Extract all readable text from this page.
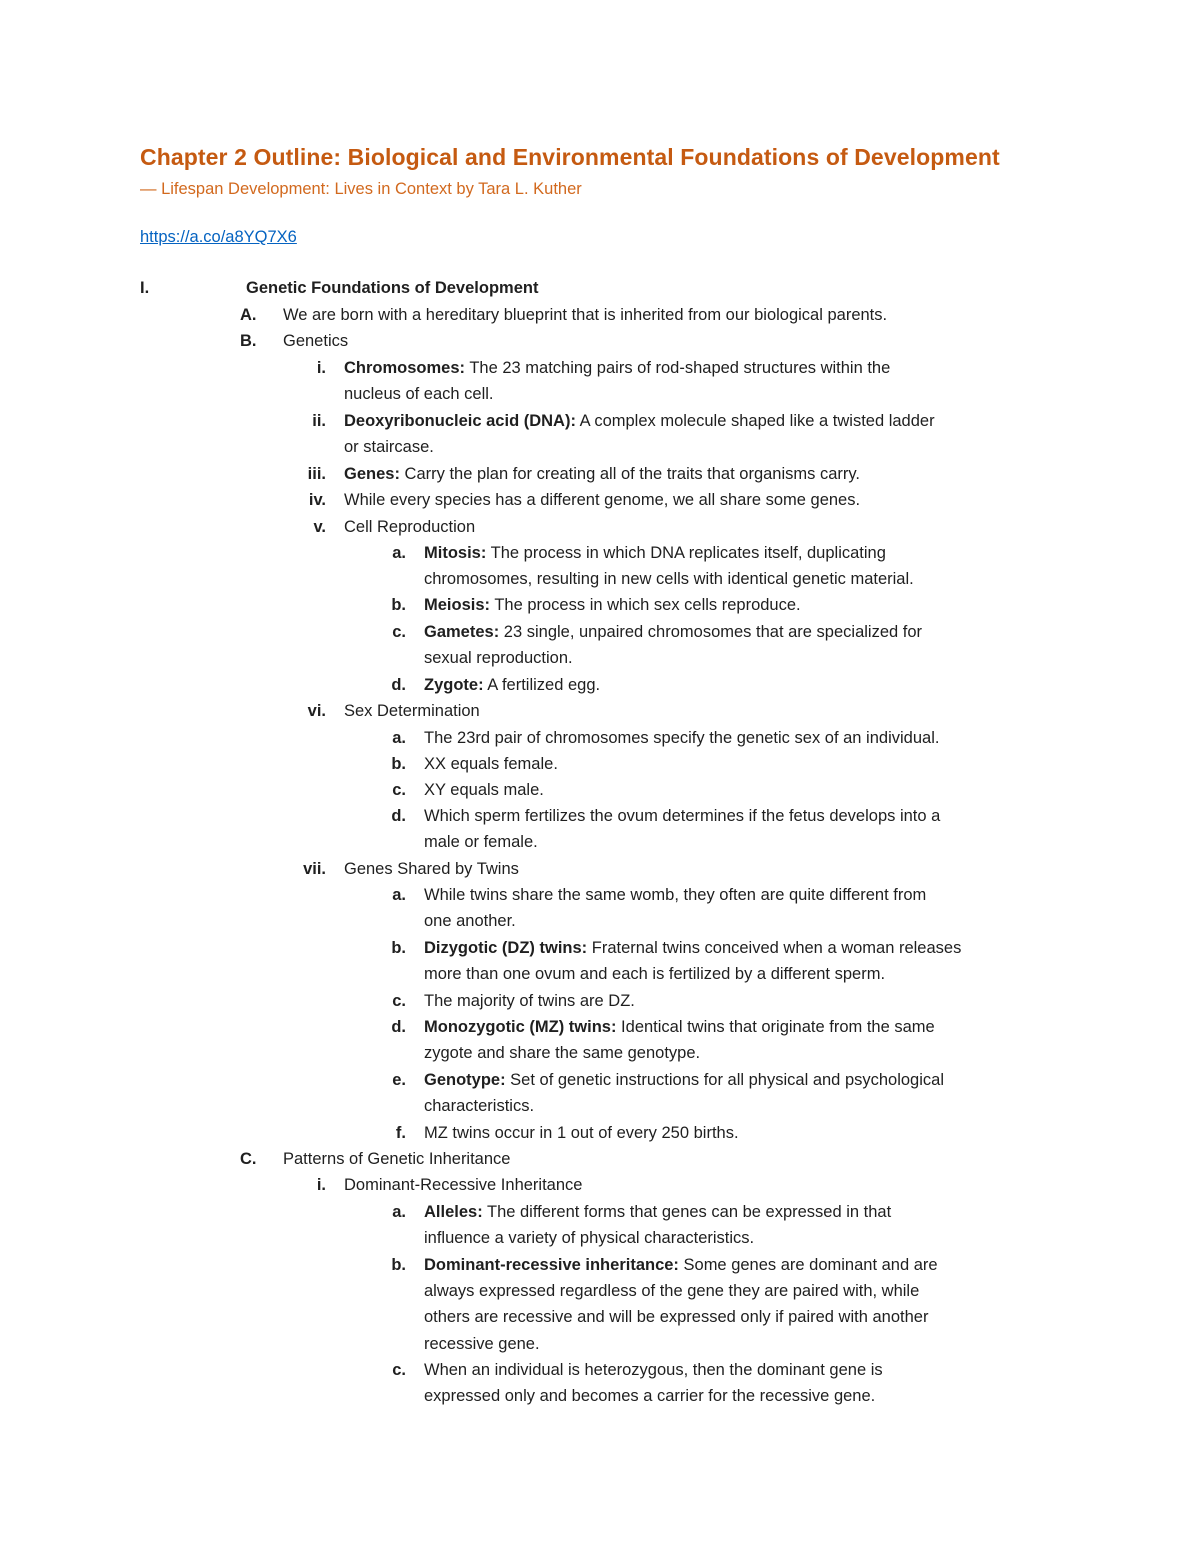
Chapter 2 Outline: Biological and Environmental Foundations of Development
— Lifespan Development: Lives in Context by Tara L. Kuther
https://a.co/a8YQ7X6
I.	Genetic Foundations of Development
A.	We are born with a hereditary blueprint that is inherited from our biological parents.
B.	Genetics
i. Chromosomes: The 23 matching pairs of rod-shaped structures within the
nucleus of each cell.
ii. Deoxyribonucleic acid (DNA): A complex molecule shaped like a twisted ladder
or staircase.
iii. Genes: Carry the plan for creating all of the traits that organisms carry.
iv. While every species has a different genome, we all share some genes.
v. Cell Reproduction
a. Mitosis: The process in which DNA replicates itself, duplicating
chromosomes, resulting in new cells with identical genetic material.
b. Meiosis: The process in which sex cells reproduce.
c. Gametes: 23 single, unpaired chromosomes that are specialized for
sexual reproduction.
d. Zygote: A fertilized egg.
vi. Sex Determination
a. The 23rd pair of chromosomes specify the genetic sex of an individual.
b. XX equals female.
c. XY equals male.
d. Which sperm fertilizes the ovum determines if the fetus develops into a
male or female.
vii. Genes Shared by Twins
a. While twins share the same womb, they often are quite different from
one another.
b. Dizygotic (DZ) twins: Fraternal twins conceived when a woman releases
more than one ovum and each is fertilized by a different sperm.
c. The majority of twins are DZ.
d. Monozygotic (MZ) twins: Identical twins that originate from the same
zygote and share the same genotype.
e. Genotype: Set of genetic instructions for all physical and psychological
characteristics.
f. MZ twins occur in 1 out of every 250 births.
C.	Patterns of Genetic Inheritance
i. Dominant-Recessive Inheritance
a. Alleles: The different forms that genes can be expressed in that
influence a variety of physical characteristics.
b. Dominant-recessive inheritance: Some genes are dominant and are
always expressed regardless of the gene they are paired with, while
others are recessive and will be expressed only if paired with another
recessive gene.
c. When an individual is heterozygous, then the dominant gene is
expressed only and becomes a carrier for the recessive gene.
